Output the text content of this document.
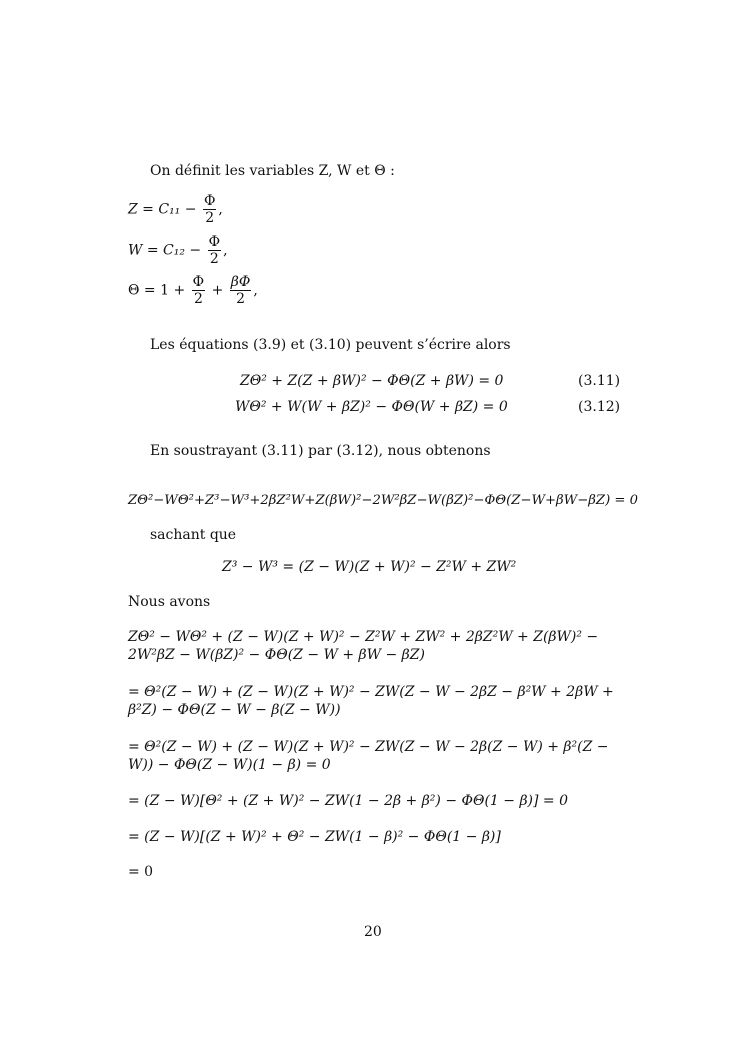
On définit les variables Z, W et Θ :
$Z = C_{11} - \frac{\Phi}{2}$ ,
$W = C_{12} - \frac{\Phi}{2}$ ,
$\Theta = 1 + \frac{\Phi}{2} + \frac{\beta\Phi}{2}$ ,
Les équations (3.9) et (3.10) peuvent s’écrire alors
ZΘ² + Z(Z + βW)² − ΦΘ(Z + βW) = 0	(3.11)
WΘ² + W(W + βZ)² − ΦΘ(W + βZ) = 0	(3.12)
En soustrayant (3.11) par (3.12), nous obtenons
ZΘ²−WΘ²+Z³−W³+2βZ²W+Z(βW)²−2W²βZ−W(βZ)²−ΦΘ(Z−W+βW−βZ) = 0
sachant que
Z³ − W³ = (Z − W)(Z + W)² − Z²W + ZW²
Nous avons
ZΘ² − WΘ² + (Z − W)(Z + W)² − Z²W + ZW² + 2βZ²W + Z(βW)² −
2W²βZ − W(βZ)² − ΦΘ(Z − W + βW − βZ)
= Θ²(Z − W) + (Z − W)(Z + W)² − ZW(Z − W − 2βZ − β²W + 2βW +
β²Z) − ΦΘ(Z − W − β(Z − W))
= Θ²(Z − W) + (Z − W)(Z + W)² − ZW(Z − W − 2β(Z − W) + β²(Z −
W)) − ΦΘ(Z − W)(1 − β) = 0
= (Z − W)[Θ² + (Z + W)² − ZW(1 − 2β + β²) − ΦΘ(1 − β)] = 0
= (Z − W)[(Z + W)² + Θ² − ZW(1 − β)² − ΦΘ(1 − β)]
= 0
20
